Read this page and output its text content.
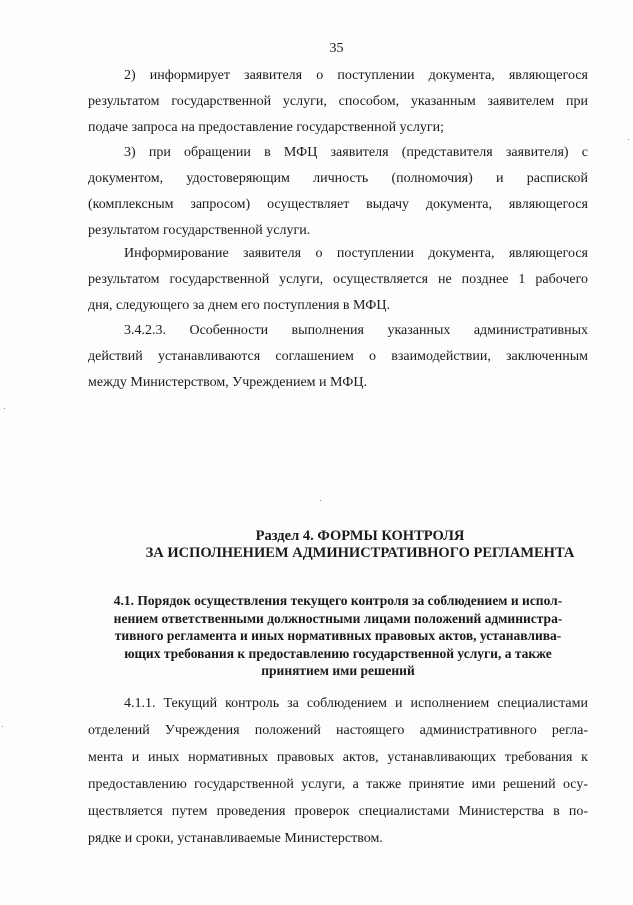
35

2) информирует заявителя о поступлении документа, являющегося
результатом государственной услуги, способом, указанным заявителем при
подаче запроса на предоставление государственной услуги;

3) при обращении в МФЦ заявителя (представителя заявителя) с
документом, удостоверяющим личность (полномочия) и распиской
(комплексным запросом) осуществляет выдачу документа, являющегося
результатом государственной услуги.

Информирование заявителя о поступлении документа, являющегося
результатом государственной услуги, осуществляется не позднее 1 рабочего
дня, следующего за днем его поступления в МФЦ.

3.4.2.3. Особенности выполнения указанных административных
действий устанавливаются соглашением о взаимодействии, заключенным
между Министерством, Учреждением и МФЦ.

Раздел 4. ФОРМЫ КОНТРОЛЯ
ЗА ИСПОЛНЕНИЕМ АДМИНИСТРАТИВНОГО РЕГЛАМЕНТА
4.1. Порядок осуществления текущего контроля за соблюдением и испол-
нением ответственными должностными лицами положений администра-
тивного регламента и иных нормативных правовых актов, устанавлива-
ющих требования к предоставлению государственной услуги, а также
принятием ими решений

4.1.1. Текущий контроль за соблюдением и исполнением специалистами
отделений Учреждения положений настоящего административного регла-
мента и иных нормативных правовых актов, устанавливающих требования к
предоставлению государственной услуги, а также принятие ими решений осу-
ществляется путем проведения проверок специалистами Министерства в по-
рядке и сроки, устанавливаемые Министерством.
